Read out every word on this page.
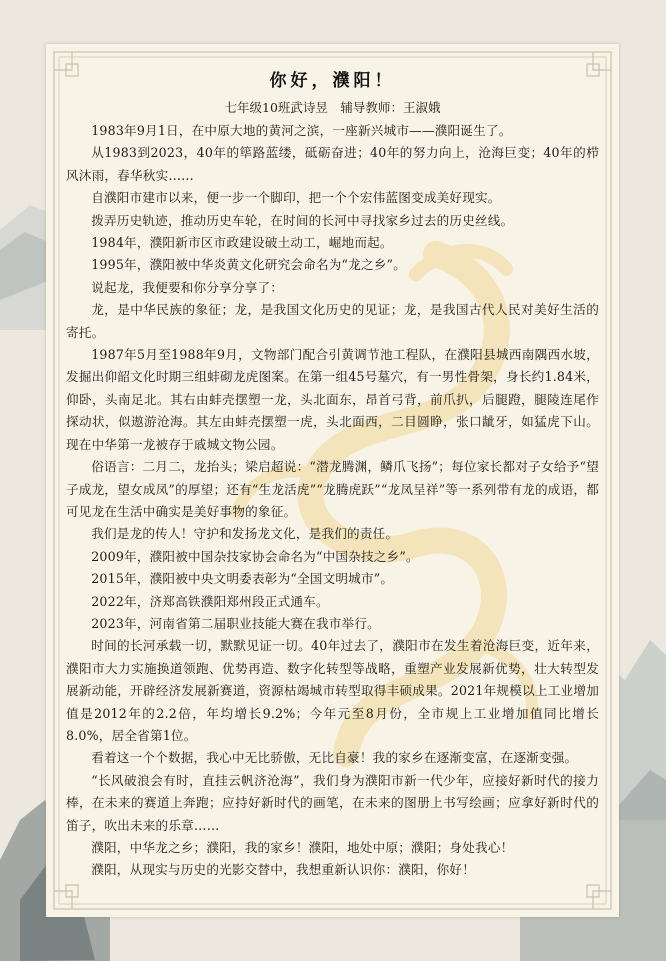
你好，濮阳！
七年级10班武诗昱　辅导教师：王淑娥

1983年9月1日，在中原大地的黄河之滨，一座新兴城市——濮阳诞生了。

从1983到2023，40年的筚路蓝缕，砥砺奋进；40年的努力向上，沧海巨变；40年的栉风沐雨，春华秋实……

自濮阳市建市以来，便一步一个脚印，把一个个宏伟蓝图变成美好现实。

拨弄历史轨迹，推动历史车轮，在时间的长河中寻找家乡过去的历史丝线。

1984年，濮阳新市区市政建设破土动工，崛地而起。

1995年，濮阳被中华炎黄文化研究会命名为“龙之乡”。

说起龙，我便要和你分享分享了：

龙，是中华民族的象征；龙，是我国文化历史的见证；龙，是我国古代人民对美好生活的寄托。

1987年5月至1988年9月，文物部门配合引黄调节池工程队，在濮阳县城西南隅西水坡，发掘出仰韶文化时期三组蚌砌龙虎图案。在第一组45号墓穴，有一男性骨架，身长约1.84米，仰卧，头南足北。其右由蚌壳摆塑一龙，头北面东，昂首弓背，前爪扒，后腿蹬，腿陵连尾作探动状，似遨游沧海。其左由蚌壳摆塑一虎，头北面西，二目圆睁，张口龇牙，如猛虎下山。现在中华第一龙被存于戚城文物公园。

俗语言：二月二，龙抬头；梁启超说：“潜龙腾渊，鳞爪飞扬”；每位家长都对子女给予“望子成龙，望女成凤”的厚望；还有“生龙活虎”“龙腾虎跃”“龙凤呈祥”等一系列带有龙的成语，都可见龙在生活中确实是美好事物的象征。

我们是龙的传人！守护和发扬龙文化，是我们的责任。

2009年，濮阳被中国杂技家协会命名为“中国杂技之乡”。

2015年，濮阳被中央文明委表彰为“全国文明城市”。

2022年，济郑高铁濮阳郑州段正式通车。

2023年，河南省第二届职业技能大赛在我市举行。

时间的长河承载一切，默默见证一切。40年过去了，濮阳市在发生着沧海巨变，近年来，濮阳市大力实施换道领跑、优势再造、数字化转型等战略，重塑产业发展新优势，壮大转型发展新动能，开辟经济发展新赛道，资源枯竭城市转型取得丰硕成果。2021年规模以上工业增加值是2012年的2.2倍，年均增长9.2%；今年元至8月份，全市规上工业增加值同比增长8.0%，居全省第1位。

看着这一个个数据，我心中无比骄傲，无比自豪！我的家乡在逐渐变富，在逐渐变强。

“长风破浪会有时，直挂云帆济沧海”，我们身为濮阳市新一代少年，应接好新时代的接力棒，在未来的赛道上奔跑；应持好新时代的画笔，在未来的图册上书写绘画；应拿好新时代的笛子，吹出未来的乐章……

濮阳，中华龙之乡；濮阳，我的家乡！濮阳，地处中原；濮阳；身处我心！

濮阳，从现实与历史的光影交替中，我想重新认识你：濮阳，你好！
